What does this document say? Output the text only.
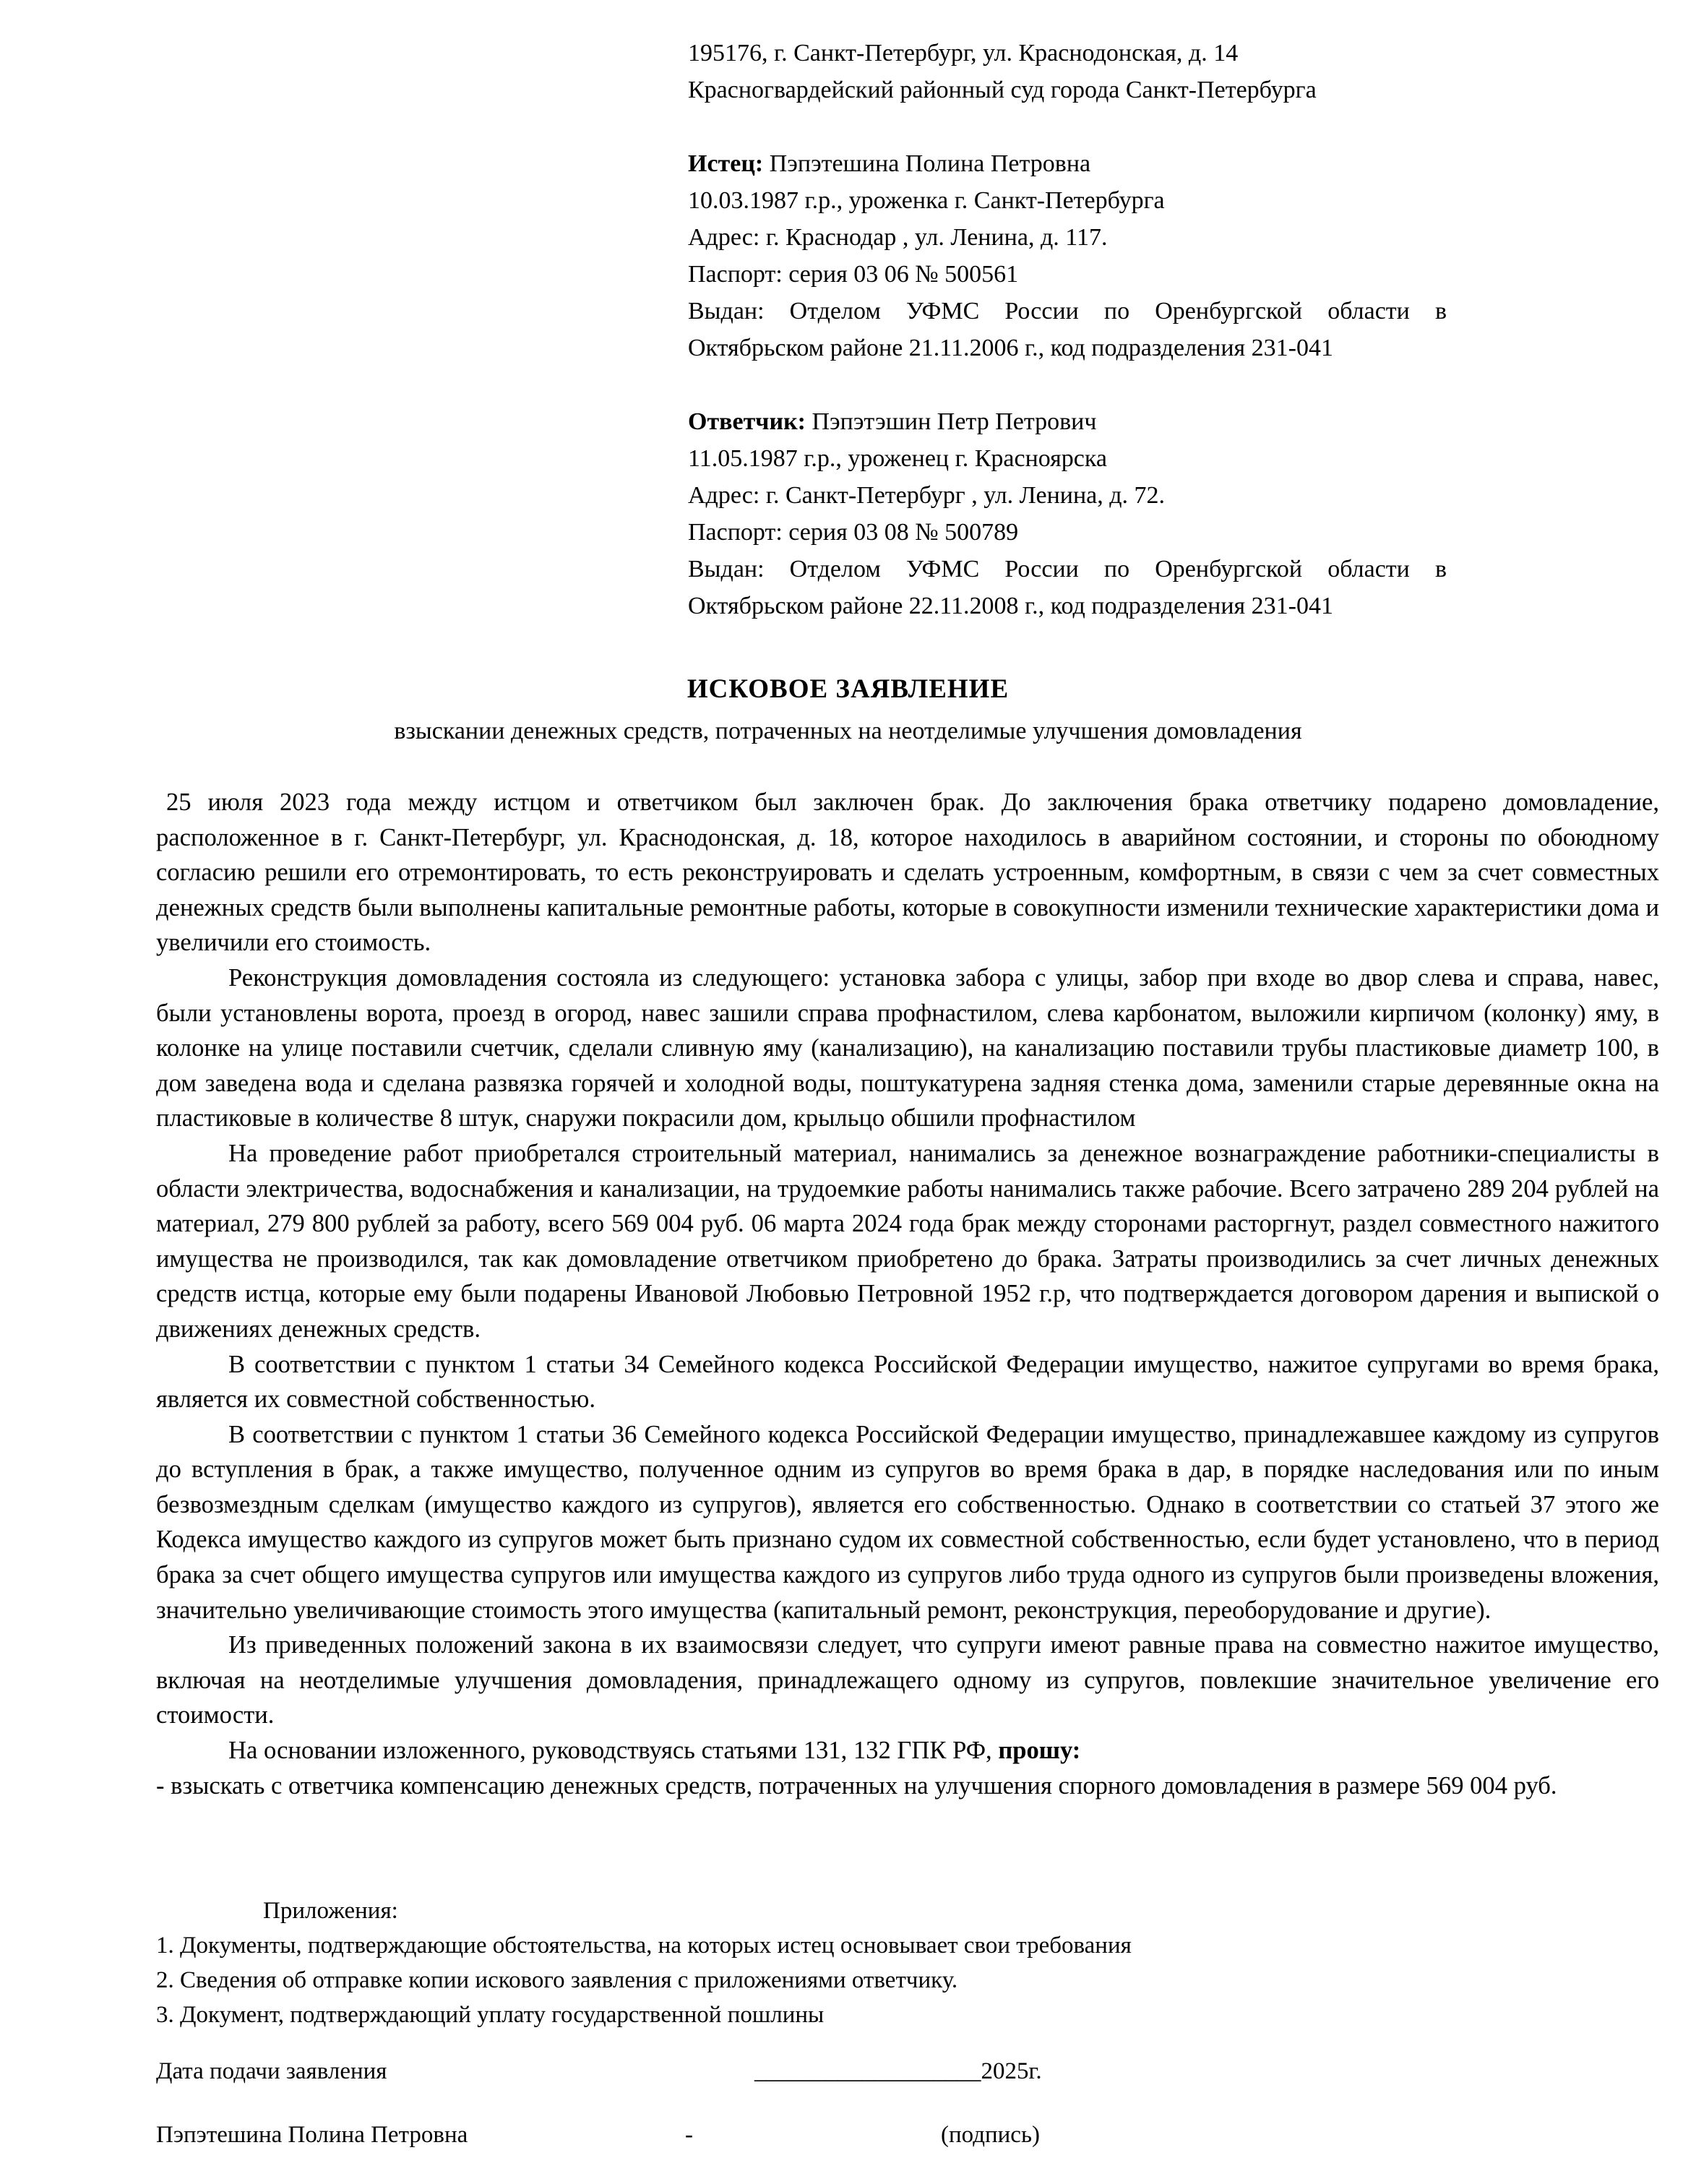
195176, г. Санкт-Петербург, ул. Краснодонская, д. 14
Красногвардейский районный суд города Санкт-Петербурга
Истец: Пэпэтешина Полина Петровна
10.03.1987 г.р., уроженка г. Санкт-Петербурга
Адрес: г. Краснодар , ул. Ленина, д. 117.
Паспорт: серия 03 06 № 500561
Выдан: Отделом УФМС России по Оренбургской области в
Октябрьском районе 21.11.2006 г., код подразделения 231-041
Ответчик: Пэпэтэшин Петр Петрович
11.05.1987 г.р., уроженец г. Красноярска
Адрес: г. Санкт-Петербург , ул. Ленина, д. 72.
Паспорт: серия 03 08 № 500789
Выдан: Отделом УФМС России по Оренбургской области в
Октябрьском районе 22.11.2008 г., код подразделения 231-041
ИСКОВОЕ ЗАЯВЛЕНИЕ
взыскании денежных средств, потраченных на неотделимые улучшения домовладения

25 июля 2023 года между истцом и ответчиком был заключен брак. До заключения брака ответчику подарено домовладение, расположенное в г. Санкт-Петербург, ул. Краснодонская, д. 18, которое находилось в аварийном состоянии, и стороны по обоюдному согласию решили его отремонтировать, то есть реконструировать и сделать устроенным, комфортным, в связи с чем за счет совместных денежных средств были выполнены капитальные ремонтные работы, которые в совокупности изменили технические характеристики дома и увеличили его стоимость.

Реконструкция домовладения состояла из следующего: установка забора с улицы, забор при входе во двор слева и справа, навес, были установлены ворота, проезд в огород, навес зашили справа профнастилом, слева карбонатом, выложили кирпичом (колонку) яму, в колонке на улице поставили счетчик, сделали сливную яму (канализацию), на канализацию поставили трубы пластиковые диаметр 100, в дом заведена вода и сделана развязка горячей и холодной воды, поштукатурена задняя стенка дома, заменили старые деревянные окна на пластиковые в количестве 8 штук, снаружи покрасили дом, крыльцо обшили профнастилом

На проведение работ приобретался строительный материал, нанимались за денежное вознаграждение работники-специалисты в области электричества, водоснабжения и канализации, на трудоемкие работы нанимались также рабочие. Всего затрачено 289 204 рублей на материал, 279 800 рублей за работу, всего 569 004 руб. 06 марта 2024 года брак между сторонами расторгнут, раздел совместного нажитого имущества не производился, так как домовладение ответчиком приобретено до брака. Затраты производились за счет личных денежных средств истца, которые ему были подарены Ивановой Любовью Петровной 1952 г.р, что подтверждается договором дарения и выпиской о движениях денежных средств.

В соответствии с пунктом 1 статьи 34 Семейного кодекса Российской Федерации имущество, нажитое супругами во время брака, является их совместной собственностью.

В соответствии с пунктом 1 статьи 36 Семейного кодекса Российской Федерации имущество, принадлежавшее каждому из супругов до вступления в брак, а также имущество, полученное одним из супругов во время брака в дар, в порядке наследования или по иным безвозмездным сделкам (имущество каждого из супругов), является его собственностью. Однако в соответствии со статьей 37 этого же Кодекса имущество каждого из супругов может быть признано судом их совместной собственностью, если будет установлено, что в период брака за счет общего имущества супругов или имущества каждого из супругов либо труда одного из супругов были произведены вложения, значительно увеличивающие стоимость этого имущества (капитальный ремонт, реконструкция, переоборудование и другие).

Из приведенных положений закона в их взаимосвязи следует, что супруги имеют равные права на совместно нажитое имущество, включая на неотделимые улучшения домовладения, принадлежащего одному из супругов, повлекшие значительное увеличение его стоимости.

На основании изложенного, руководствуясь статьями 131, 132 ГПК РФ, прошу:

- взыскать с ответчика компенсацию денежных средств, потраченных на улучшения спорного домовладения в размере 569 004 руб.

Приложения:
1. Документы, подтверждающие обстоятельства, на которых истец основывает свои требования
2. Сведения об отправке копии искового заявления с приложениями ответчику.
3. Документ, подтверждающий уплату государственной пошлины
Дата подачи заявления	___________________2025г.
Пэпэтешина Полина Петровна	-	(подпись)
